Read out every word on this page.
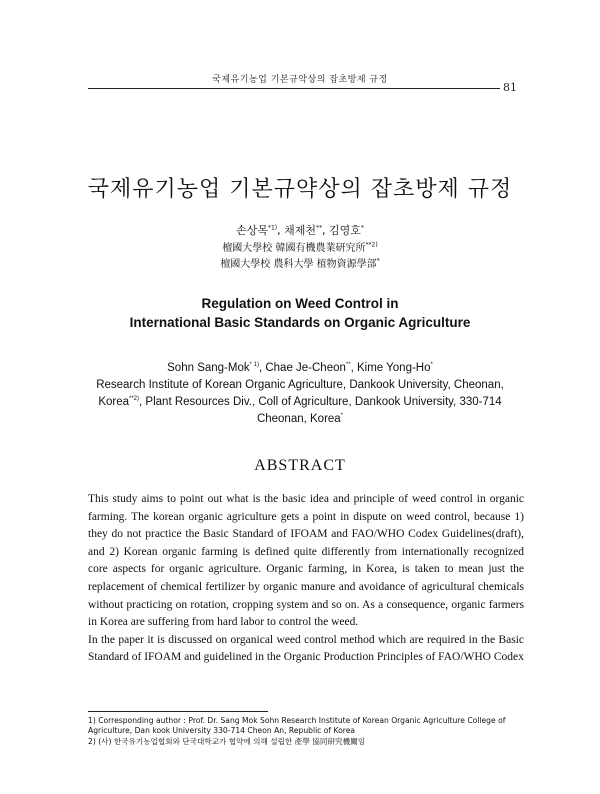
국제유기농업 기본규약상의 잡초방제 규정
81
국제유기농업 기본규약상의 잡초방제 규정
손상목$^{*1)}$, 채제천**, 김영호*
檀國大學校 韓國有機農業研究所$^{**2)}$
檀國大學校 農科大學 植物資源學部*
Regulation on Weed Control in
International Basic Standards on Organic Agriculture
Sohn Sang-Mok$^{* 1)}$, Chae Je-Cheon**, Kime Yong-Ho*
Research Institute of Korean Organic Agriculture, Dankook University, Cheonan,
Korea$^{**2)}$, Plant Resources Div., Coll of Agriculture, Dankook University, 330-714
Cheonan, Korea*
ABSTRACT

This study aims to point out what is the basic idea and principle of weed control in organic farming. The korean organic agriculture gets a point in dispute on weed control, because 1) they do not practice the Basic Standard of IFOAM and FAO/WHO Codex Guidelines(draft), and 2) Korean organic farming is defined quite differently from internationally recognized core aspects for organic agriculture. Organic farming, in Korea, is taken to mean just the replacement of chemical fertilizer by organic manure and avoidance of agricultural chemicals without practicing on rotation, cropping system and so on. As a consequence, organic farmers in Korea are suffering from hard labor to control the weed.

In the paper it is discussed on organical weed control method which are required in the Basic Standard of IFOAM and guidelined in the Organic Production Principles of FAO/WHO Codex

1) Corresponding author : Prof. Dr. Sang Mok Sohn Research Institute of Korean Organic Agriculture College of Agriculture, Dan kook University 330-714 Cheon An, Republic of Korea

2) (사) 한국유기농업협회와 단국대학교가 협약에 의해 설립한 產學 協同研究機關임
